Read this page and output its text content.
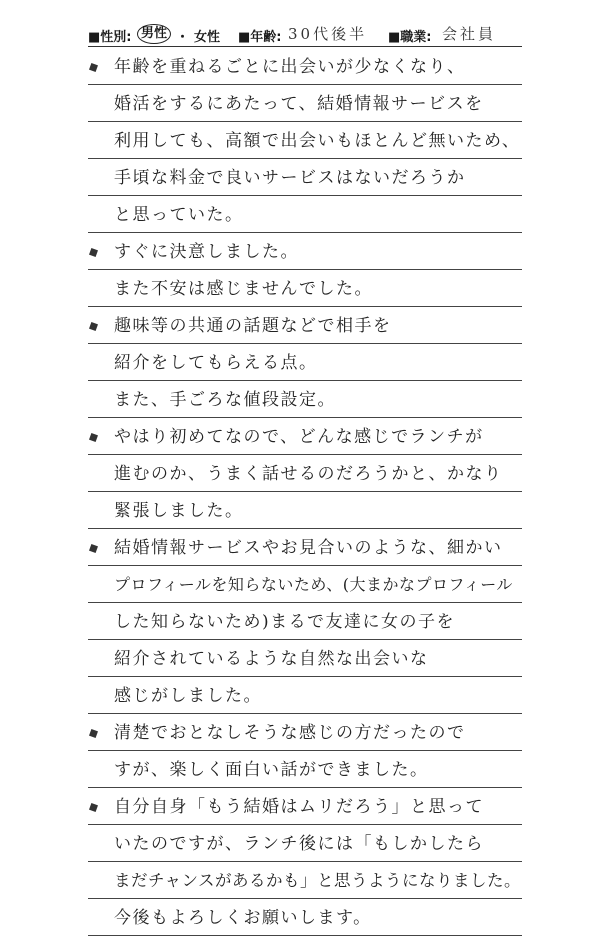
■性別: 男性 ・ 女性 ■年齢: 30代後半 ■職業: 会社員
年齢を重ねるごとに出会いが少なくなり、
婚活をするにあたって、結婚情報サービスを
利用しても、高額で出会いもほとんど無いため、
手頃な料金で良いサービスはないだろうか
と思っていた。
すぐに決意しました。
また不安は感じませんでした。
趣味等の共通の話題などで相手を
紹介をしてもらえる点。
また、手ごろな値段設定。
やはり初めてなので、どんな感じでランチが
進むのか、うまく話せるのだろうかと、かなり
緊張しました。
結婚情報サービスやお見合いのような、細かい
プロフィールを知らないため、(大まかなプロフィール
した知らないため)まるで友達に女の子を
紹介されているような自然な出会いな
感じがしました。
清楚でおとなしそうな感じの方だったので
すが、楽しく面白い話ができました。
自分自身「もう結婚はムリだろう」と思って
いたのですが、ランチ後には「もしかしたら
まだチャンスがあるかも」と思うようになりました。
今後もよろしくお願いします。
